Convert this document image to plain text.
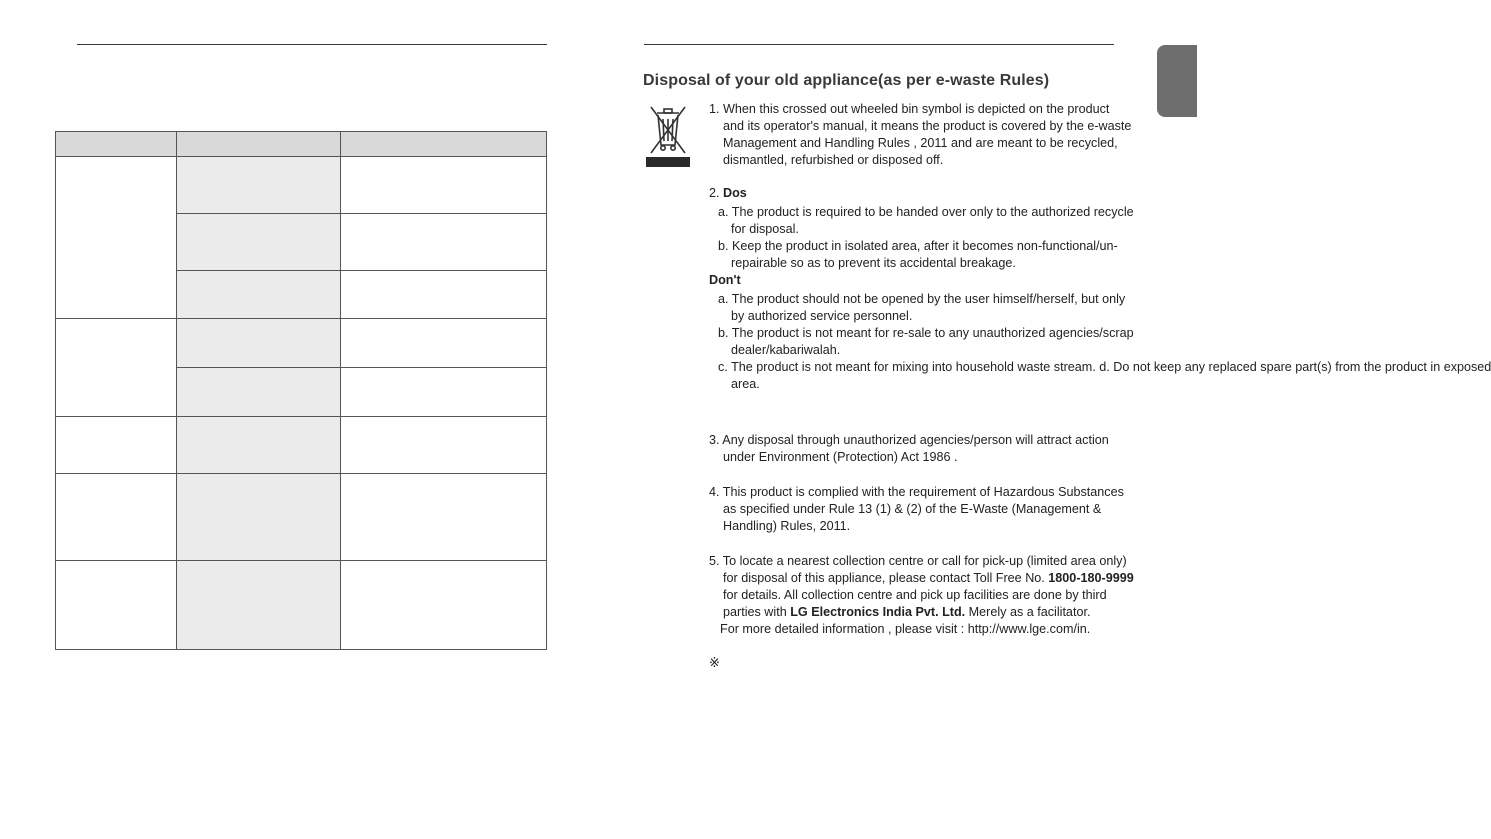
Disposal of your old appliance(as per e-waste Rules)
1. When this crossed out wheeled bin symbol is depicted on the product
and its operator's manual, it means the product is covered by the e-waste
Management and Handling Rules , 2011 and are meant to be recycled,
dismantled, refurbished or disposed off.
2. Dos
a. The product is required to be handed over only to the authorized recycle
for disposal.
b. Keep the product in isolated area, after it becomes non-functional/un-
repairable so as to prevent its accidental breakage.
Don't
a. The product should not be opened by the user himself/herself, but only
by authorized service personnel.
b. The product is not meant for re-sale to any unauthorized agencies/scrap
dealer/kabariwalah.
c. The product is not meant for mixing into household waste stream. d. Do not keep any replaced spare part(s) from the product in exposed
area.
3. Any disposal through unauthorized agencies/person will attract action
under Environment (Protection) Act 1986 .
4. This product is complied with the requirement of Hazardous Substances
as specified under Rule 13 (1) & (2) of the E-Waste (Management &
Handling) Rules, 2011.
5. To locate a nearest collection centre or call for pick-up (limited area only)
for disposal of this appliance, please contact Toll Free No. 1800-180-9999
for details. All collection centre and pick up facilities are done by third
parties with LG Electronics India Pvt. Ltd. Merely as a facilitator.
For more detailed information , please visit : http://www.lge.com/in.
※
